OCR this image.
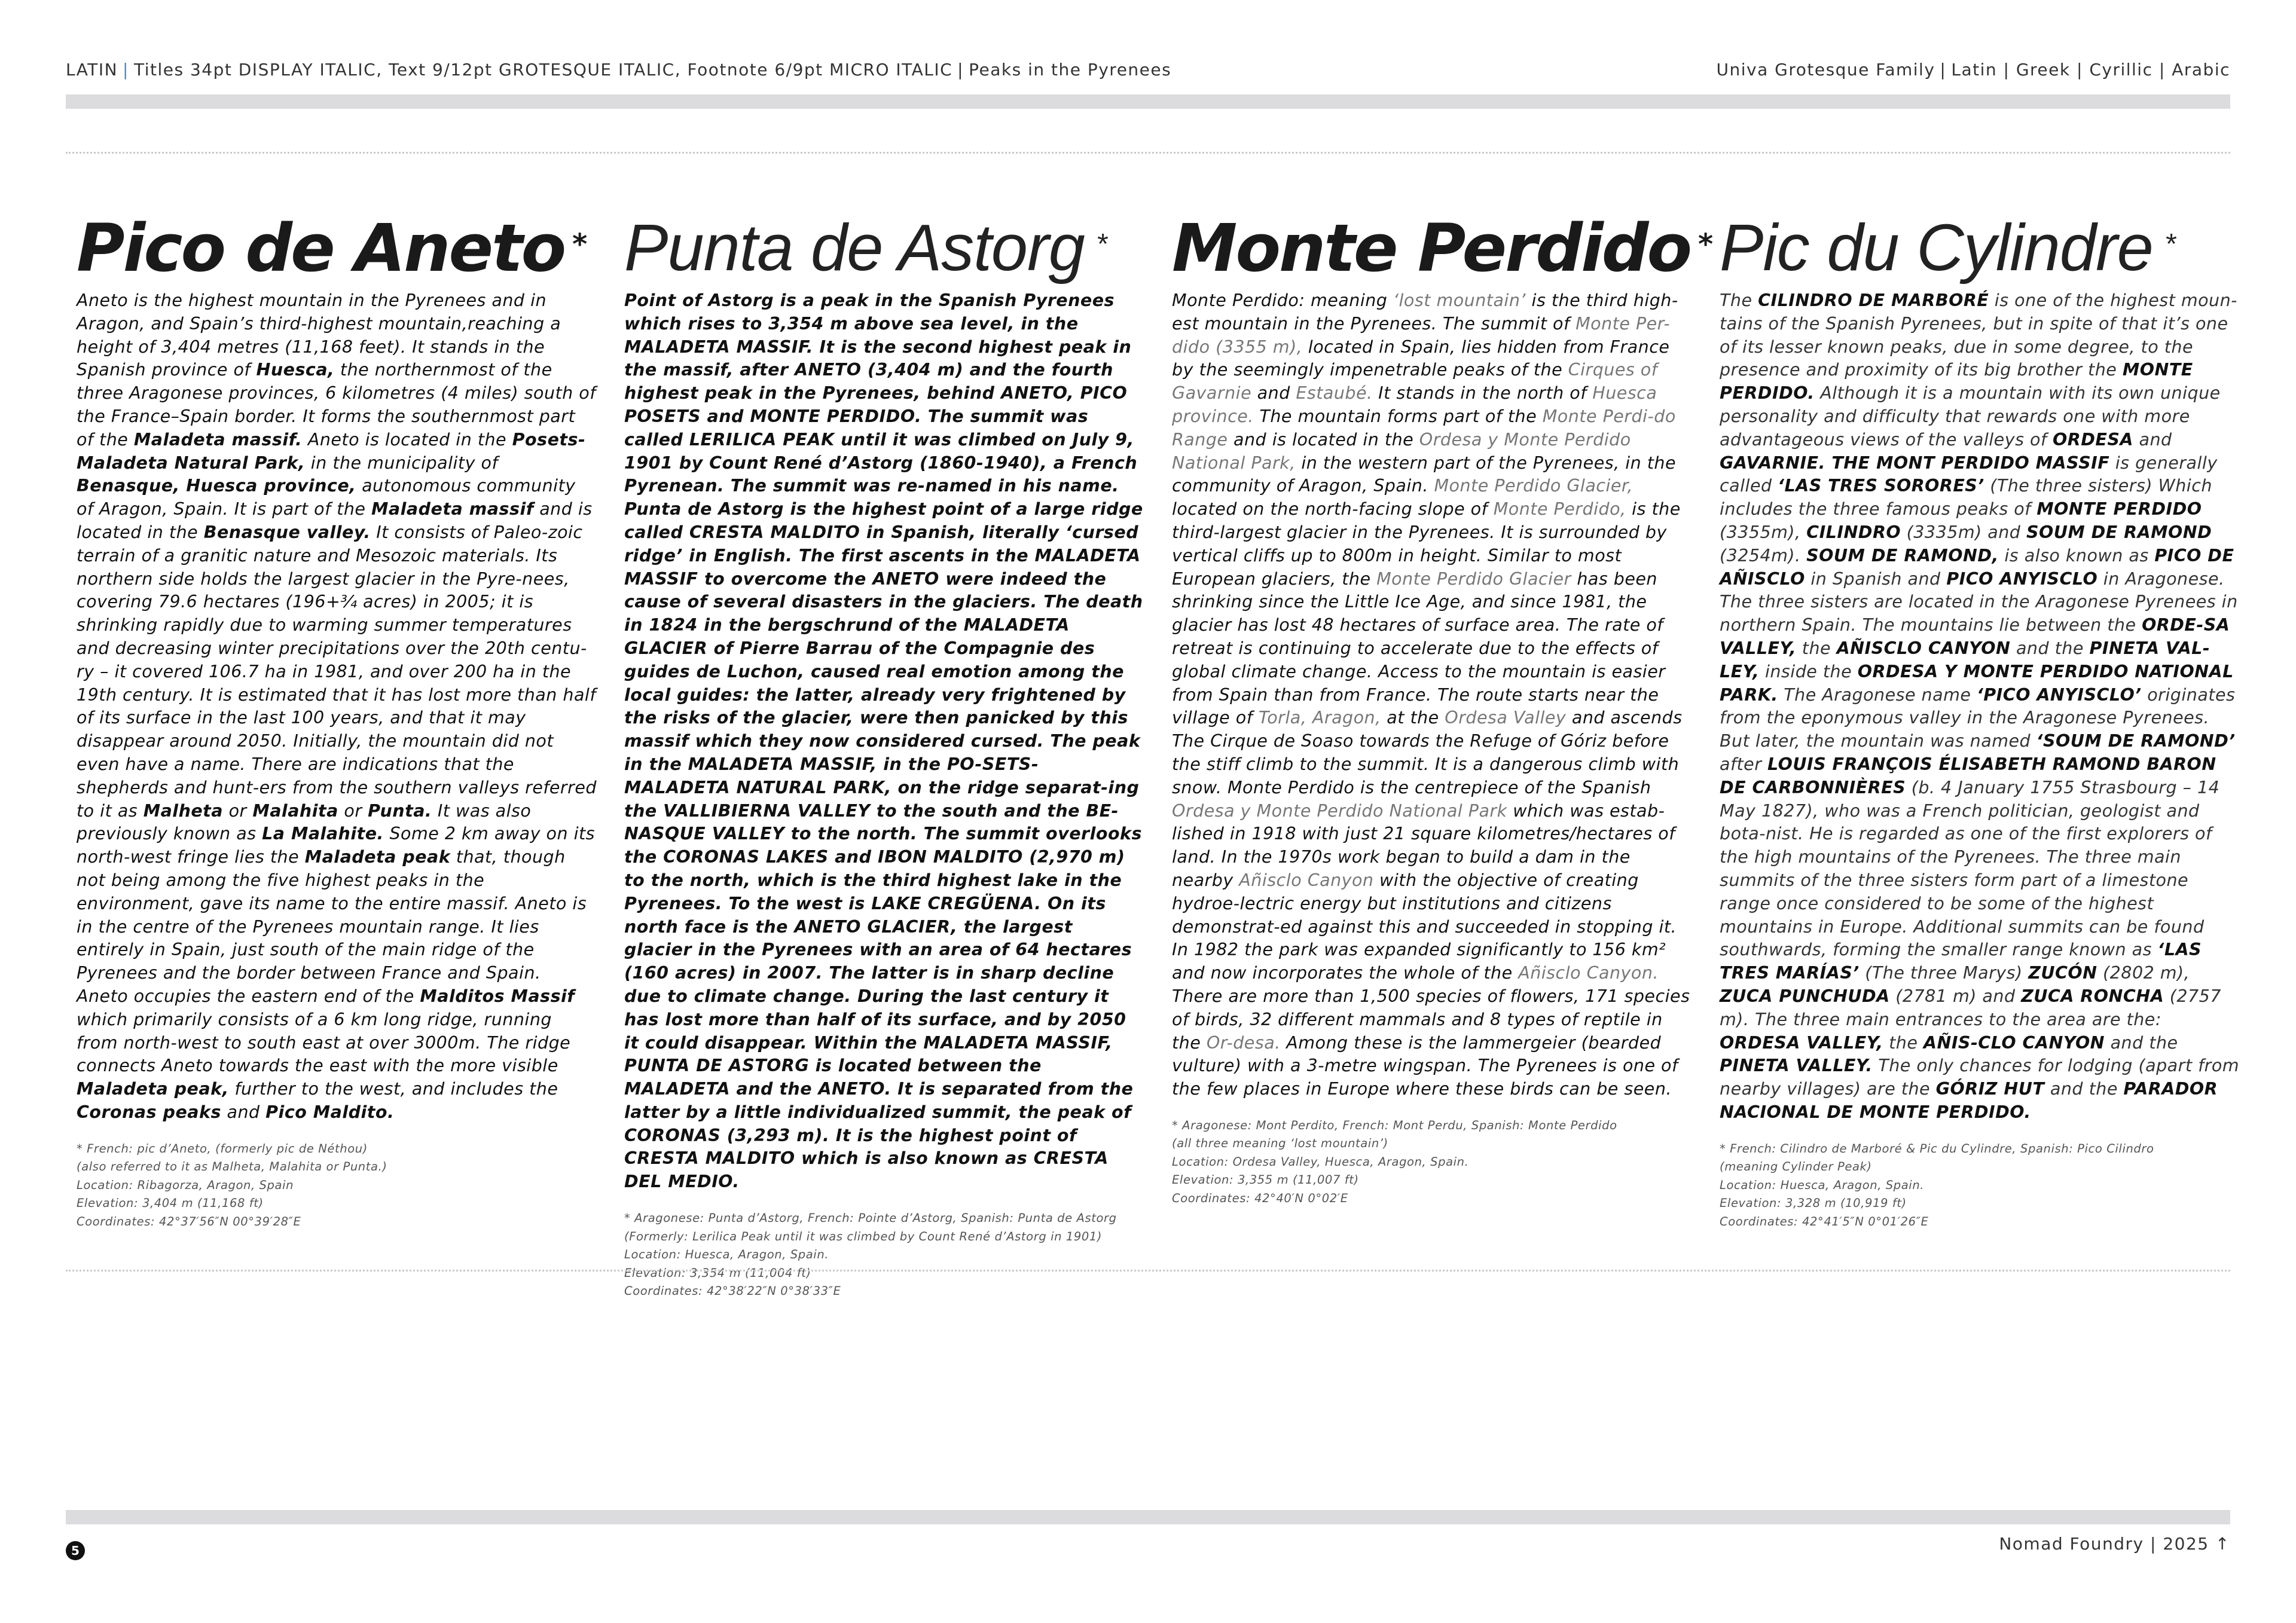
LATIN | Titles 34pt DISPLAY ITALIC, Text 9/12pt GROTESQUE ITALIC, Footnote 6/9pt MICRO ITALIC | Peaks in the Pyrenees	Univa Grotesque Family | Latin | Greek | Cyrillic | Arabic
Pico de Aneto *
Aneto is the highest mountain in the Pyrenees and in Aragon, and Spain’s third-highest mountain,reaching a height of 3,404 metres (11,168 feet). It stands in the Spanish province of Huesca, the northernmost of the three Aragonese provinces, 6 kilometres (4 miles) south of the France–Spain border. It forms the southernmost part of the Maladeta massif. Aneto is located in the Posets-Maladeta Natural Park, in the municipality of Benasque, Huesca province, autonomous community of Aragon, Spain. It is part of the Maladeta massif and is located in the Benasque valley. It consists of Paleo-zoic terrain of a granitic nature and Mesozoic materials. Its northern side holds the largest glacier in the Pyre-nees, covering 79.6 hectares (196+¾ acres) in 2005; it is shrinking rapidly due to warming summer temperatures and decreasing winter precipitations over the 20th centu-ry – it covered 106.7 ha in 1981, and over 200 ha in the 19th century. It is estimated that it has lost more than half of its surface in the last 100 years, and that it may disappear around 2050. Initially, the mountain did not even have a name. There are indications that the shepherds and hunt-ers from the southern valleys referred to it as Malheta or Malahita or Punta. It was also previously known as La Malahite. Some 2 km away on its north-west fringe lies the Maladeta peak that, though not being among the five highest peaks in the environment, gave its name to the entire massif. Aneto is in the centre of the Pyrenees mountain range. It lies entirely in Spain, just south of the main ridge of the Pyrenees and the border between France and Spain. Aneto occupies the eastern end of the Malditos Massif which primarily consists of a 6 km long ridge, running from north-west to south east at over 3000m. The ridge connects Aneto towards the east with the more visible Maladeta peak, further to the west, and includes the Coronas peaks and Pico Maldito.
* French: pic d’Aneto, (formerly pic de Néthou)
(also referred to it as Malheta, Malahita or Punta.)
Location: Ribagorza, Aragon, Spain
Elevation: 3,404 m (11,168 ft)
Coordinates: 42°37′56″N 00°39′28″E
Punta de Astorg *
Point of Astorg is a peak in the Spanish Pyrenees which rises to 3,354 m above sea level, in the MALADETA MASSIF. It is the second highest peak in the massif, after ANETO (3,404 m) and the fourth highest peak in the Pyrenees, behind ANETO, PICO POSETS and MONTE PERDIDO. The summit was called LERILICA PEAK until it was climbed on July 9, 1901 by Count René d’Astorg (1860-1940), a French Pyrenean. The summit was re-named in his name. Punta de Astorg is the highest point of a large ridge called CRESTA MALDITO in Spanish, literally ‘cursed ridge’ in English. The first ascents in the MALADETA MASSIF to overcome the ANETO were indeed the cause of several disasters in the glaciers. The death in 1824 in the bergschrund of the MALADETA GLACIER of Pierre Barrau of the Compagnie des guides de Luchon, caused real emotion among the local guides: the latter, already very frightened by the risks of the glacier, were then panicked by this massif which they now considered cursed. The peak in the MALADETA MASSIF, in the PO-SETS-MALADETA NATURAL PARK, on the ridge separat-ing the VALLIBIERNA VALLEY to the south and the BE-NASQUE VALLEY to the north. The summit overlooks the CORONAS LAKES and IBON MALDITO (2,970 m) to the north, which is the third highest lake in the Pyrenees. To the west is LAKE CREGÜENA. On its north face is the ANETO GLACIER, the largest glacier in the Pyrenees with an area of 64 hectares (160 acres) in 2007. The latter is in sharp decline due to climate change. During the last century it has lost more than half of its surface, and by 2050 it could disappear. Within the MALADETA MASSIF, PUNTA DE ASTORG is located between the MALADETA and the ANETO. It is separated from the latter by a little individualized summit, the peak of CORONAS (3,293 m). It is the highest point of CRESTA MALDITO which is also known as CRESTA DEL MEDIO.
* Aragonese: Punta d’Astorg, French: Pointe d’Astorg, Spanish: Punta de Astorg
(Formerly: Lerilica Peak until it was climbed by Count René d’Astorg in 1901)
Location: Huesca, Aragon, Spain.
Elevation: 3,354 m (11,004 ft)
Coordinates: 42°38′22″N 0°38′33″E
Monte Perdido *
Monte Perdido: meaning ‘lost mountain’ is the third high-est mountain in the Pyrenees. The summit of Monte Per-dido (3355 m), located in Spain, lies hidden from France by the seemingly impenetrable peaks of the Cirques of Gavarnie and Estaubé. It stands in the north of Huesca province. The mountain forms part of the Monte Perdi-do Range and is located in the Ordesa y Monte Perdido National Park, in the western part of the Pyrenees, in the community of Aragon, Spain. Monte Perdido Glacier, located on the north-facing slope of Monte Perdido, is the third-largest glacier in the Pyrenees. It is surrounded by vertical cliffs up to 800m in height. Similar to most European glaciers, the Monte Perdido Glacier has been shrinking since the Little Ice Age, and since 1981, the glacier has lost 48 hectares of surface area. The rate of retreat is continuing to accelerate due to the effects of global climate change. Access to the mountain is easier from Spain than from France. The route starts near the village of Torla, Aragon, at the Ordesa Valley and ascends The Cirque de Soaso towards the Refuge of Góriz before the stiff climb to the summit. It is a dangerous climb with snow. Monte Perdido is the centrepiece of the Spanish Ordesa y Monte Perdido National Park which was estab-lished in 1918 with just 21 square kilometres/hectares of land. In the 1970s work began to build a dam in the nearby Añisclo Canyon with the objective of creating hydroe-lectric energy but institutions and citizens demonstrat-ed against this and succeeded in stopping it. In 1982 the park was expanded significantly to 156 km² and now incorporates the whole of the Añisclo Canyon. There are more than 1,500 species of flowers, 171 species of birds, 32 different mammals and 8 types of reptile in the Or-desa. Among these is the lammergeier (bearded vulture) with a 3-metre wingspan. The Pyrenees is one of the few places in Europe where these birds can be seen.
* Aragonese: Mont Perdito, French: Mont Perdu, Spanish: Monte Perdido
(all three meaning ‘lost mountain’)
Location: Ordesa Valley, Huesca, Aragon, Spain.
Elevation: 3,355 m (11,007 ft)
Coordinates: 42°40′N 0°02′E
Pic du Cylindre *
The CILINDRO DE MARBORÉ is one of the highest moun-tains of the Spanish Pyrenees, but in spite of that it’s one of its lesser known peaks, due in some degree, to the presence and proximity of its big brother the MONTE PERDIDO. Although it is a mountain with its own unique personality and difficulty that rewards one with more advantageous views of the valleys of ORDESA and GAVARNIE. THE MONT PERDIDO MASSIF is generally called ‘LAS TRES SORORES’ (The three sisters) Which includes the three famous peaks of MONTE PERDIDO (3355m), CILINDRO (3335m) and SOUM DE RAMOND (3254m). SOUM DE RAMOND, is also known as PICO DE AÑISCLO in Spanish and PICO ANYISCLO in Aragonese. The three sisters are located in the Aragonese Pyrenees in northern Spain. The mountains lie between the ORDE-SA VALLEY, the AÑISCLO CANYON and the PINETA VAL-LEY, inside the ORDESA Y MONTE PERDIDO NATIONAL PARK. The Aragonese name ‘PICO ANYISCLO’ originates from the eponymous valley in the Aragonese Pyrenees. But later, the mountain was named ‘SOUM DE RAMOND’ after LOUIS FRANÇOIS ÉLISABETH RAMOND BARON DE CARBONNIÈRES (b. 4 January 1755 Strasbourg – 14 May 1827), who was a French politician, geologist and bota-nist. He is regarded as one of the first explorers of the high mountains of the Pyrenees. The three main summits of the three sisters form part of a limestone range once considered to be some of the highest mountains in Europe. Additional summits can be found southwards, forming the smaller range known as ‘LAS TRES MARÍAS’ (The three Marys) ZUCÓN (2802 m), ZUCA PUNCHUDA (2781 m) and ZUCA RONCHA (2757 m). The three main entrances to the area are the: ORDESA VALLEY, the AÑIS-CLO CANYON and the PINETA VALLEY. The only chances for lodging (apart from nearby villages) are the GÓRIZ HUT and the PARADOR NACIONAL DE MONTE PERDIDO.
* French: Cilindro de Marboré & Pic du Cylindre, Spanish: Pico Cilindro
(meaning Cylinder Peak)
Location: Huesca, Aragon, Spain.
Elevation: 3,328 m (10,919 ft)
Coordinates: 42°41′5″N 0°01′26″E
5	Nomad Foundry | 2025 ↑
